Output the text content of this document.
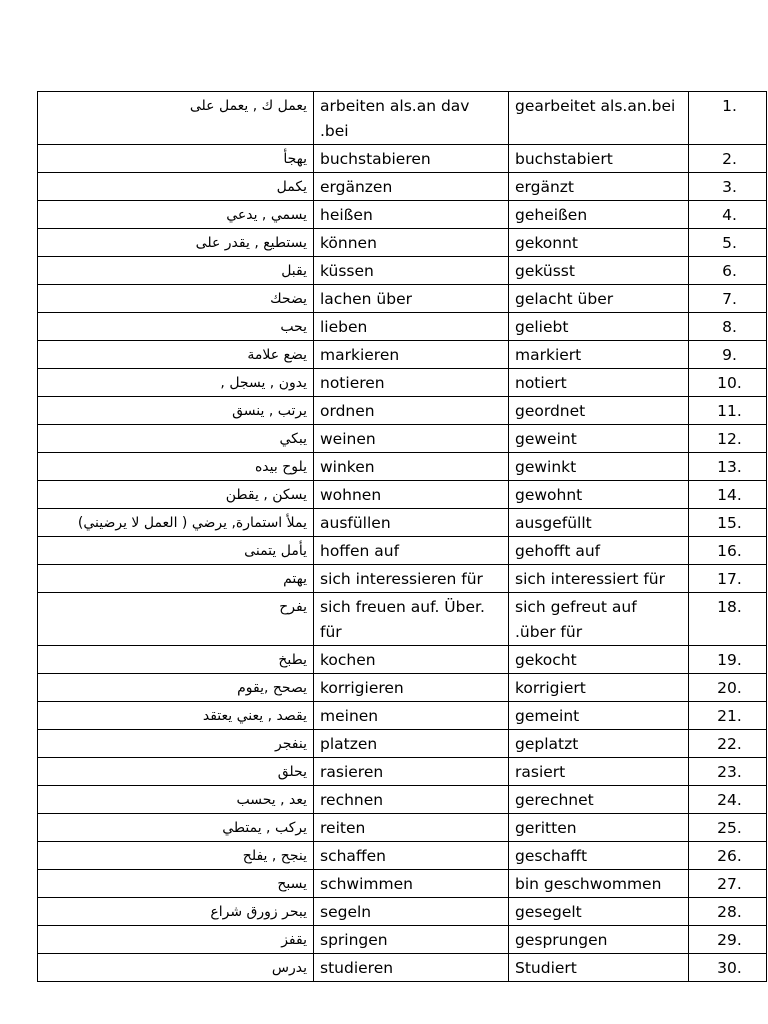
يعمل ك , يعمل على	arbeiten als.an dav .bei	gearbeitet als.an.bei	1.
يهجأ	buchstabieren	buchstabiert	2.
يكمل	ergänzen	ergänzt	3.
يسمي , يدعي	heißen	geheißen	4.
يستطيع , يقدر على	können	gekonnt	5.
يقبل	küssen	geküsst	6.
يضحك	lachen über	gelacht über	7.
يحب	lieben	geliebt	8.
يضع علامة	markieren	markiert	9.
يدون , يسجل ,	notieren	notiert	10.
يرتب , ينسق	ordnen	geordnet	11.
يبكي	weinen	geweint	12.
يلوح بيده	winken	gewinkt	13.
يسكن , يقطن	wohnen	gewohnt	14.
يملأ استمارة, يرضي ( العمل لا يرضيني)	ausfüllen	ausgefüllt	15.
يأمل يتمنى	hoffen auf	gehofft auf	16.
يهتم	sich interessieren für	sich interessiert für	17.
يفرح	sich freuen auf. Über. für	sich gefreut auf .über für	18.
يطبخ	kochen	gekocht	19.
يصحح ,يقوم	korrigieren	korrigiert	20.
يقصد , يعني يعتقد	meinen	gemeint	21.
ينفجر	platzen	geplatzt	22.
يحلق	rasieren	rasiert	23.
يعد , يحسب	rechnen	gerechnet	24.
يركب , يمتطي	reiten	geritten	25.
ينجح , يفلح	schaffen	geschafft	26.
يسبح	schwimmen	bin geschwommen	27.
يبحر زورق شراع	segeln	gesegelt	28.
يقفز	springen	gesprungen	29.
يدرس	studieren	Studiert	30.
